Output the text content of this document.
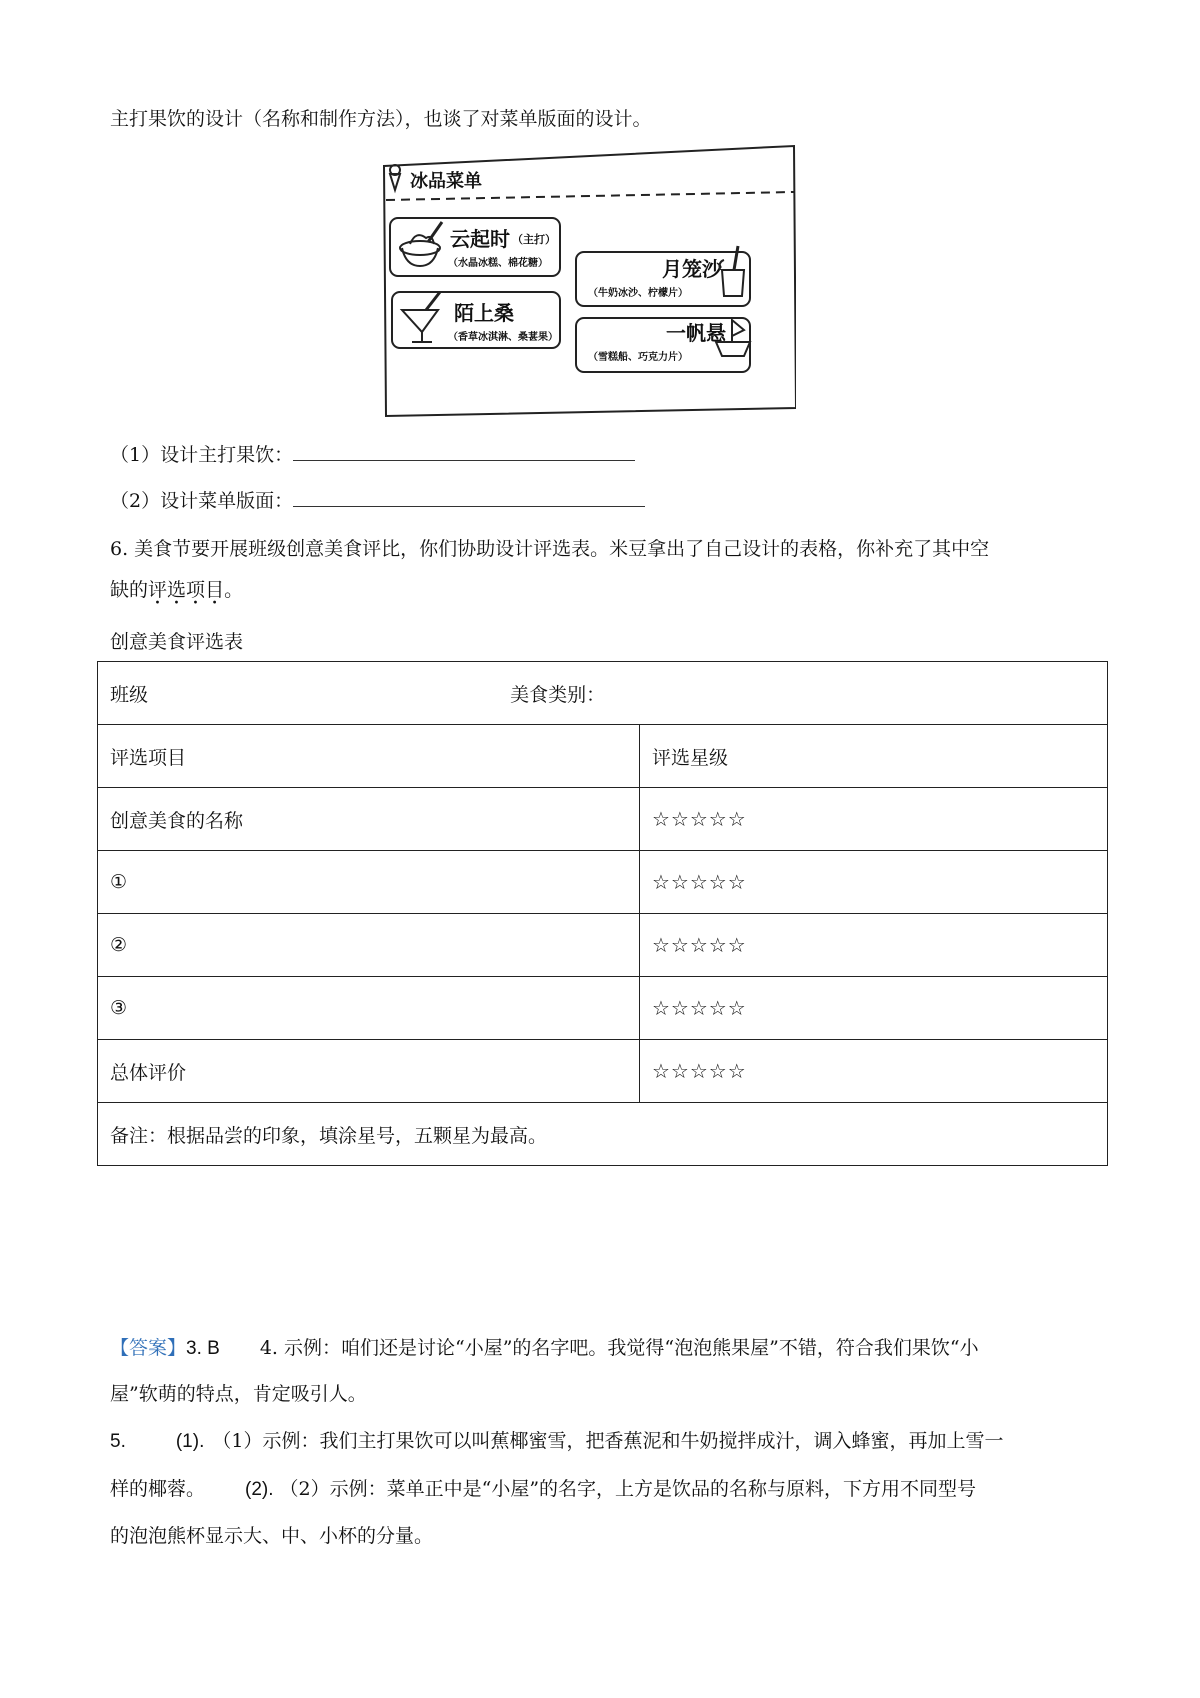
主打果饮的设计（名称和制作方法），也谈了对菜单版面的设计。
冰品菜单
云起时 （主打）
（水晶冰糕、棉花糖）
陌上桑
（香草冰淇淋、桑葚果）
月笼沙
（牛奶冰沙、柠檬片）
一帆悬
（雪糕船、巧克力片）
（1）设计主打果饮：
（2）设计菜单版面：
6. 美食节要开展班级创意美食评比，你们协助设计评选表。米豆拿出了自己设计的表格，你补充了其中空
缺的评选项目。
创意美食评选表
班级 美食类别：	
评选项目	评选星级
创意美食的名称	☆☆☆☆☆
①	☆☆☆☆☆
②	☆☆☆☆☆
③	☆☆☆☆☆
总体评价	☆☆☆☆☆
备注：根据品尝的印象，填涂星号，五颗星为最高。	
【答案】3. B 4. 示例：咱们还是讨论“小屋”的名字吧。我觉得“泡泡熊果屋”不错，符合我们果饮“小
屋”软萌的特点，肯定吸引人。
5.	(1). （1）示例：我们主打果饮可以叫蕉椰蜜雪，把香蕉泥和牛奶搅拌成汁，调入蜂蜜，再加上雪一
样的椰蓉。 (2). （2）示例：菜单正中是“小屋”的名字，上方是饮品的名称与原料，下方用不同型号
的泡泡熊杯显示大、中、小杯的分量。
